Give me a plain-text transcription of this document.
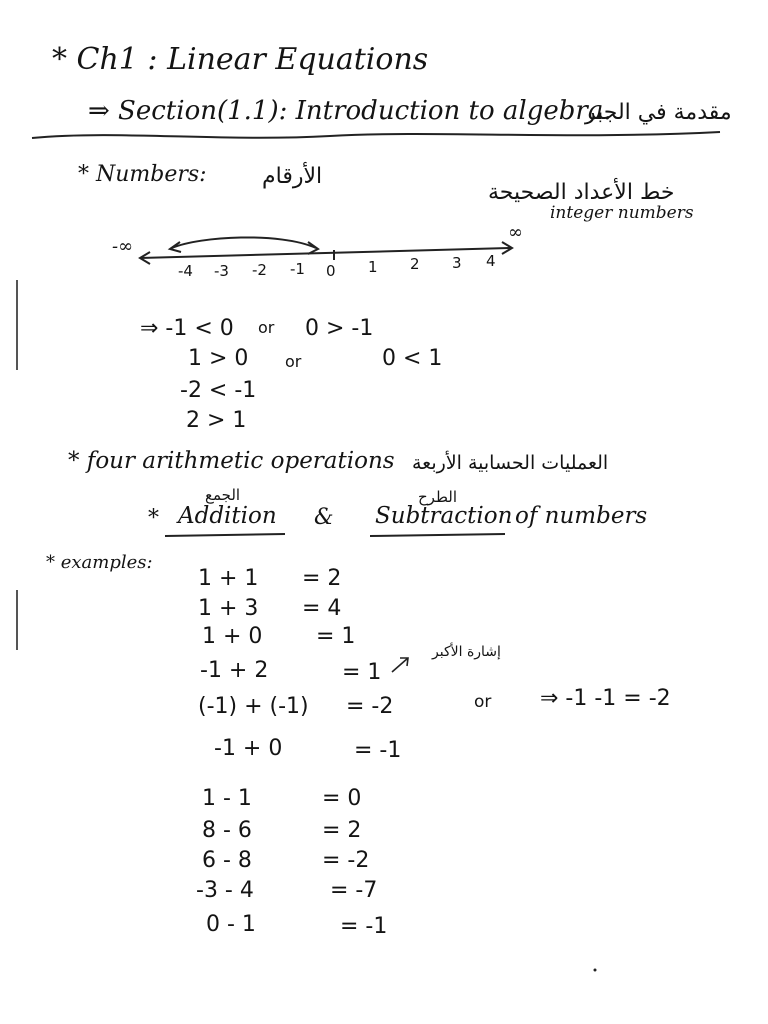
* Ch1 : Linear Equations
⇒ Section(1.1): Introduction to algebra.
مقدمة في الجبر
* Numbers:	الأرقام
خط الأعداد الصحيحة
integer numbers
-∞
∞
-4 -3 -2 -1 0 1 2 3 4
⇒ -1 < 0 or 0 > -1
1 > 0 or	0 < 1
-2 < -1
2 > 1
* four arithmetic operations العمليات الحسابية الأربعة
الجمع	الطرح
* Addition & Subtraction of numbers
* examples:
1 + 1 = 2
1 + 3 = 4
1 + 0 = 1
-1 + 2	= 1
إشارة الأكبر
(-1) + (-1) = -2	or ⇒ -1 -1 = -2
-1 + 0	= -1
1 - 1	= 0
8 - 6	= 2
6 - 8	= -2
-3 - 4	= -7
0 - 1	= -1
